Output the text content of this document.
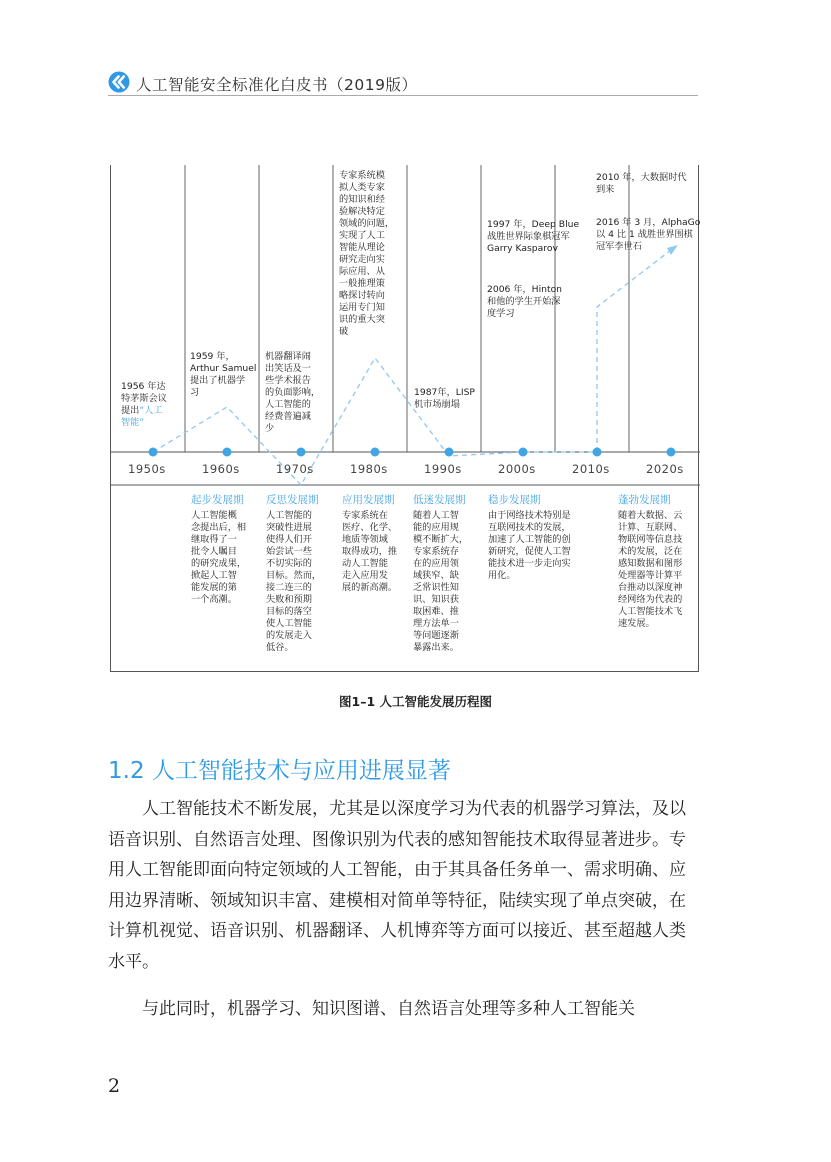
人工智能安全标准化白皮书（2019版）
1950s	1960s	1970s	1980s	1990s	2000s	2010s	2020s
1956 年达
特茅斯会议
提出“人工
智能”
1959 年，
Arthur Samuel
提出了机器学
习
机器翻译闹
出笑话及一
些学术报告
的负面影响，
人工智能的
经费普遍减
少
专家系统模
拟人类专家
的知识和经
验解决特定
领域的问题，
实现了人工
智能从理论
研究走向实
际应用、从
一般推理策
略探讨转向
运用专门知
识的重大突
破
1987年，LISP
机市场崩塌
1997 年，Deep Blue
战胜世界际象棋冠军
Garry Kasparov
2006 年，Hinton
和他的学生开始深
度学习
2010 年，大数据时代
到来
2016 年 3 月，AlphaGo
以 4 比 1 战胜世界围棋
冠军李世石
起步发展期
人工智能概
念提出后，相
继取得了一
批令人瞩目
的研究成果，
掀起人工智
能发展的第
一个高潮。
反思发展期
人工智能的
突破性进展
使得人们开
始尝试一些
不切实际的
目标。然而，
接二连三的
失败和预期
目标的落空
使人工智能
的发展走入
低谷。
应用发展期
专家系统在
医疗、化学、
地质等领域
取得成功，推
动人工智能
走入应用发
展的新高潮。
低迷发展期
随着人工智
能的应用规
模不断扩大，
专家系统存
在的应用领
域狭窄、缺
乏常识性知
识、知识获
取困难、推
理方法单一
等问题逐渐
暴露出来。
稳步发展期
由于网络技术特别是
互联网技术的发展，
加速了人工智能的创
新研究，促使人工智
能技术进一步走向实
用化。
蓬勃发展期
随着大数据、云
计算、互联网、
物联网等信息技
术的发展，泛在
感知数据和图形
处理器等计算平
台推动以深度神
经网络为代表的
人工智能技术飞
速发展。
图1–1 人工智能发展历程图
1.2 人工智能技术与应用进展显著
人工智能技术不断发展，尤其是以深度学习为代表的机器学习算法，及以语音识别、自然语言处理、图像识别为代表的感知智能技术取得显著进步。专用人工智能即面向特定领域的人工智能，由于其具备任务单一、需求明确、应用边界清晰、领域知识丰富、建模相对简单等特征，陆续实现了单点突破，在计算机视觉、语音识别、机器翻译、人机博弈等方面可以接近、甚至超越人类水平。
与此同时，机器学习、知识图谱、自然语言处理等多种人工智能关
2
